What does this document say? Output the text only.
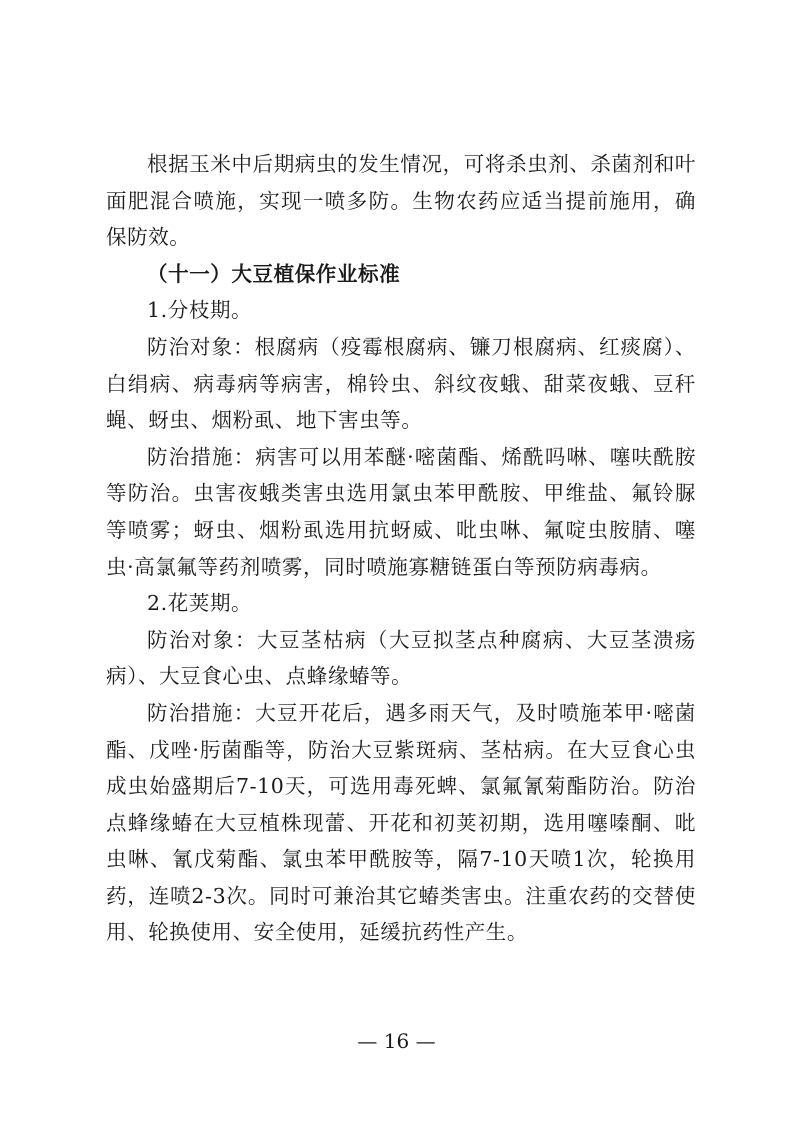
根据玉米中后期病虫的发生情况，可将杀虫剂、杀菌剂和叶面肥混合喷施，实现一喷多防。生物农药应适当提前施用，确保防效。

（十一）大豆植保作业标准

1.分枝期。

防治对象：根腐病（疫霉根腐病、镰刀根腐病、红痰腐）、白绢病、病毒病等病害，棉铃虫、斜纹夜蛾、甜菜夜蛾、豆秆蝇、蚜虫、烟粉虱、地下害虫等。

防治措施：病害可以用苯醚·嘧菌酯、烯酰吗啉、噻呋酰胺等防治。虫害夜蛾类害虫选用氯虫苯甲酰胺、甲维盐、氟铃脲等喷雾；蚜虫、烟粉虱选用抗蚜威、吡虫啉、氟啶虫胺腈、噻虫·高氯氟等药剂喷雾，同时喷施寡糖链蛋白等预防病毒病。

2.花荚期。

防治对象：大豆茎枯病（大豆拟茎点种腐病、大豆茎溃疡病）、大豆食心虫、点蜂缘蝽等。

防治措施：大豆开花后，遇多雨天气，及时喷施苯甲·嘧菌酯、戊唑·肟菌酯等，防治大豆紫斑病、茎枯病。在大豆食心虫成虫始盛期后7-10天，可选用毒死蜱、氯氟氰菊酯防治。防治点蜂缘蝽在大豆植株现蕾、开花和初荚初期，选用噻嗪酮、吡虫啉、氰戊菊酯、氯虫苯甲酰胺等，隔7-10天喷1次，轮换用药，连喷2-3次。同时可兼治其它蝽类害虫。注重农药的交替使用、轮换使用、安全使用，延缓抗药性产生。

— 16 —
